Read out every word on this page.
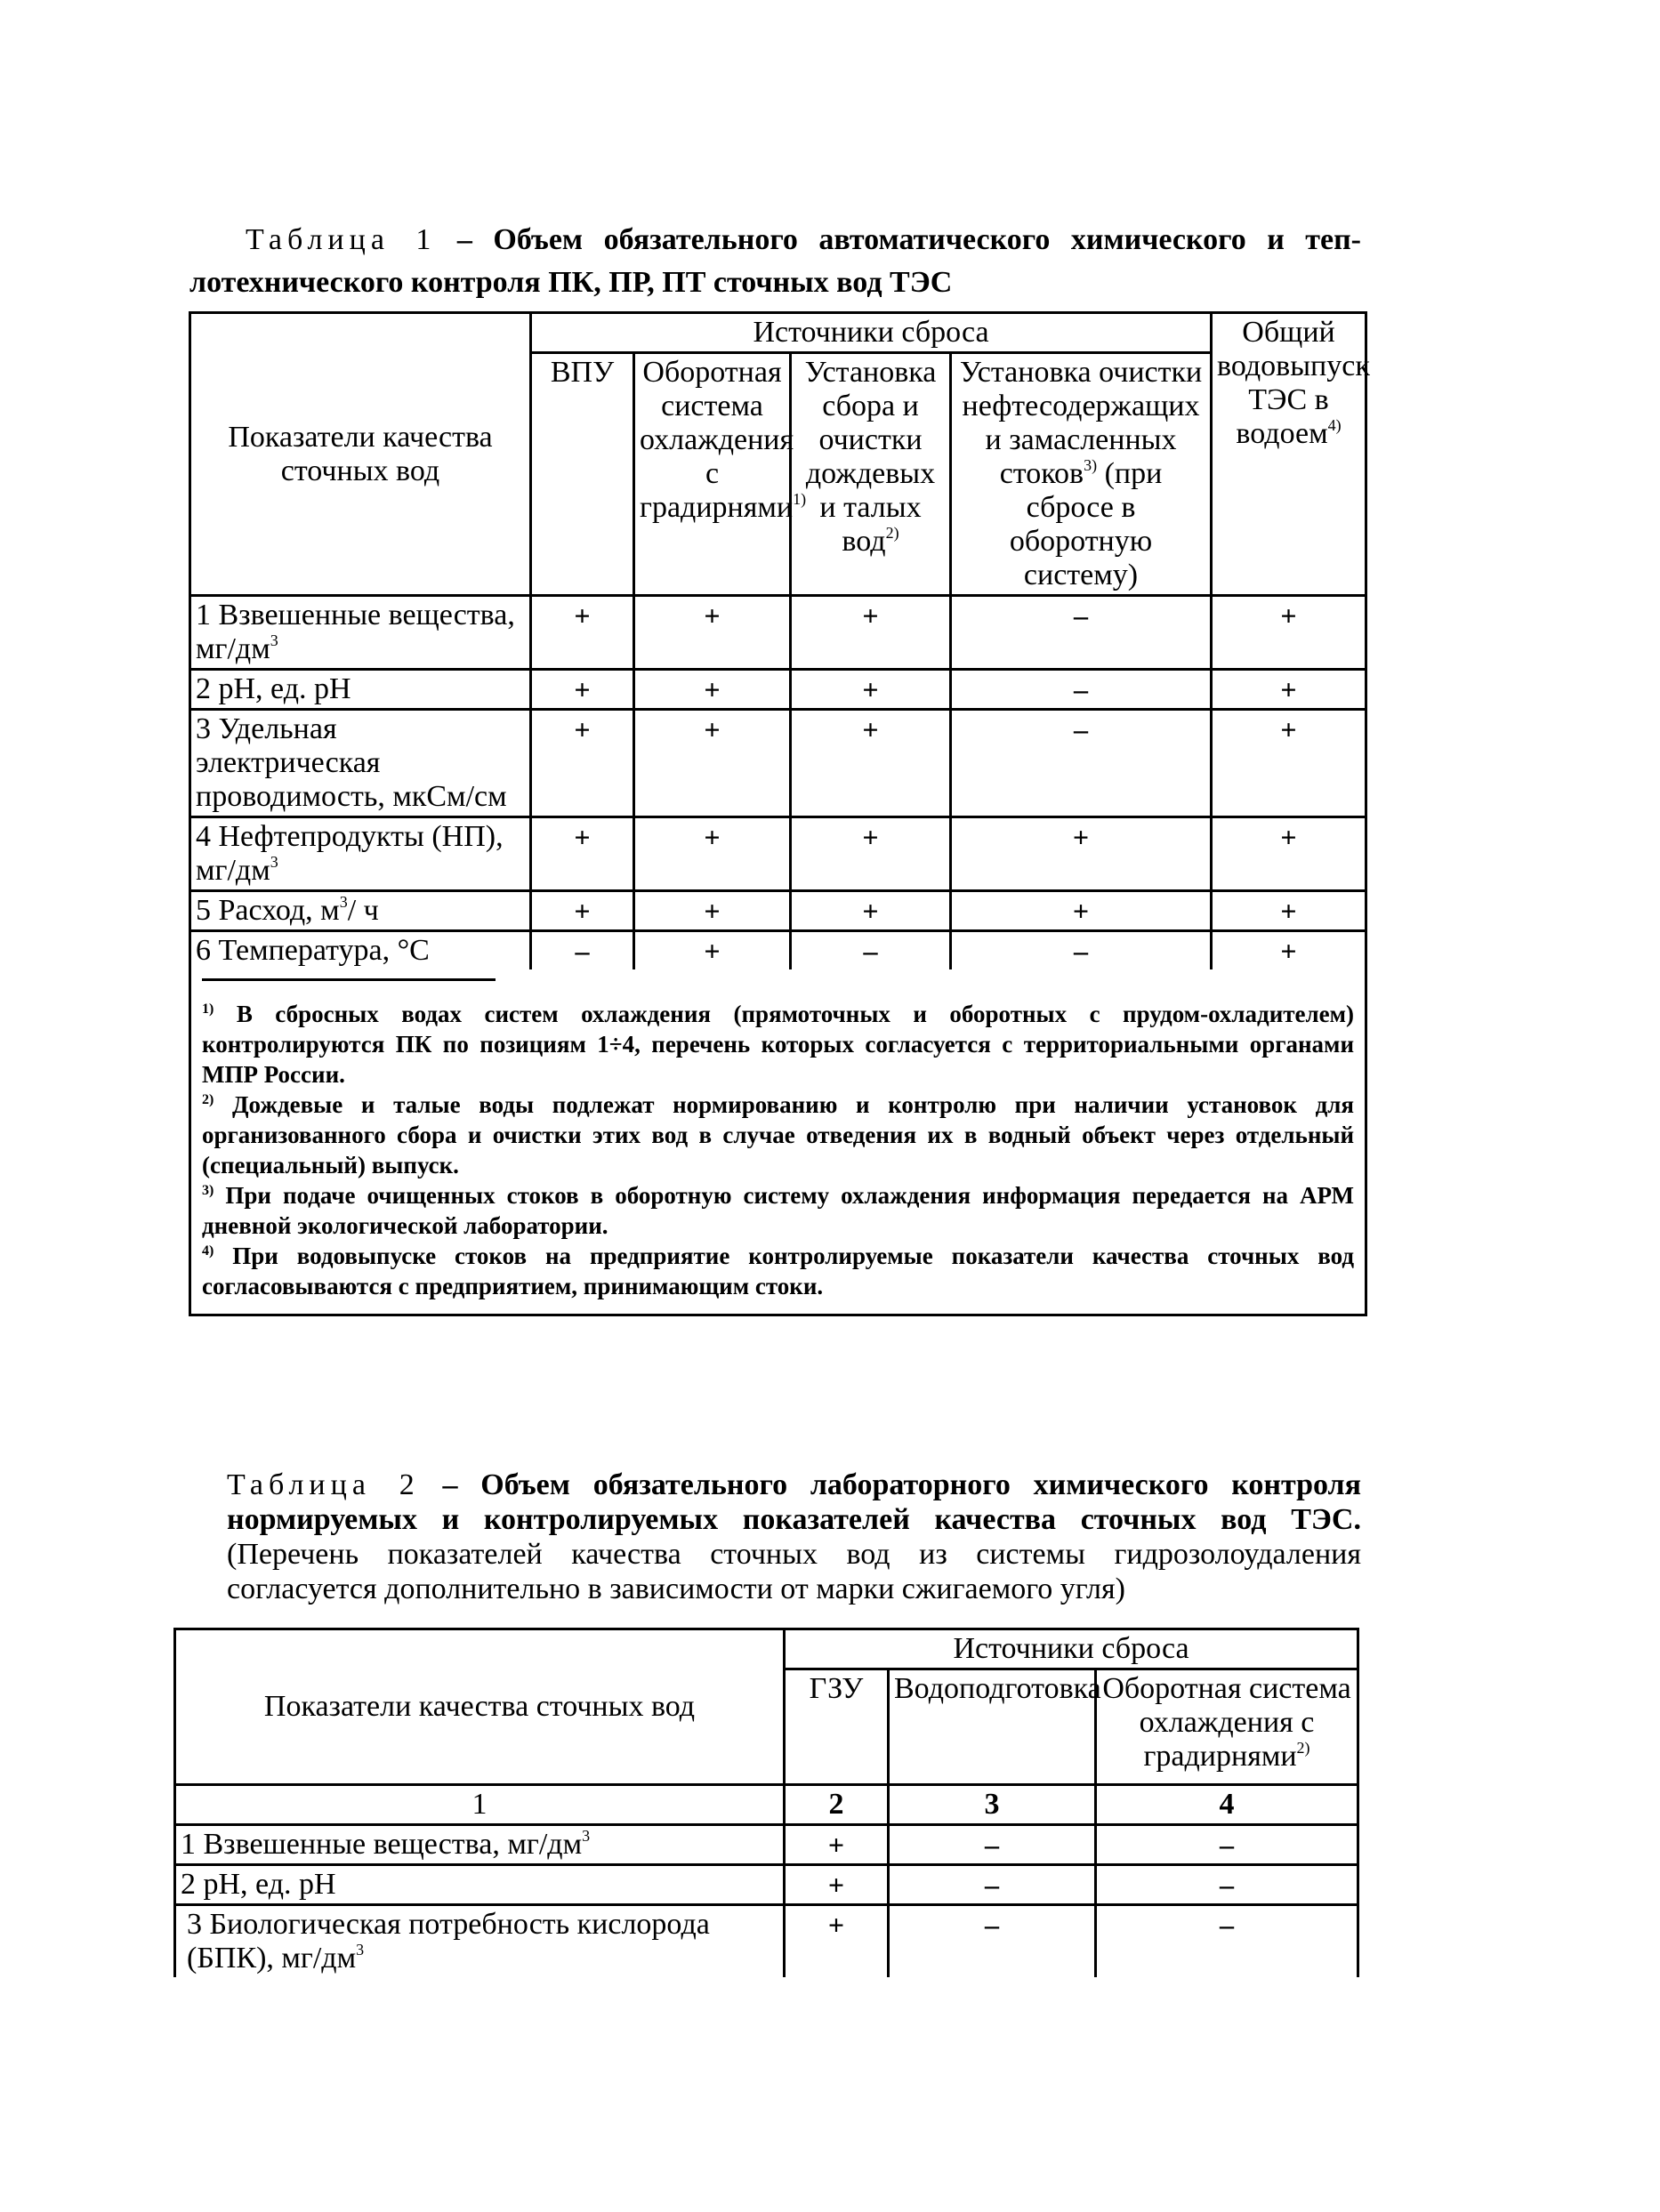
Таблица 1 – Объем обязательного автоматического химического и теп-

лотехнического контроля ПК, ПР, ПТ сточных вод ТЭС

Показатели качества сточных вод	Источники сброса				Общий водовыпуск ТЭС в водоем$^{4)}$
	ВПУ	Оборотная система охлаждения с градирнями$^{1)}$	Установка сбора и очистки дождевых и талых вод$^{2)}$	Установка очистки нефтесодержащих и замасленных стоков$^{3)}$ (при сбросе в оборотную систему)	
1 Взвешенные вещества, $мг/дм^3$	+	+	+	–	+
2 pH, ед. pH	+	+	+	–	+
3 Удельная электрическая проводимость, мкСм/см	+	+	+	–	+
4 Нефтепродукты (НП), $мг/дм^3$	+	+	+	+	+
5 Расход, $м^3/$ ч	+	+	+	+	+
6 Температура, °С	–	+	–	–	+

$^{1)}$ В сбросных водах систем охлаждения (прямоточных и оборотных с прудом-охладителем) контролируются ПК по позициям 1÷4, перечень которых согласуется с территориальными органами МПР России.

$^{2)}$ Дождевые и талые воды подлежат нормированию и контролю при наличии установок для организованного сбора и очистки этих вод в случае отведения их в водный объект через отдельный (специальный) выпуск.

$^{3)}$ При подаче очищенных стоков в оборотную систему охлаждения информация передается на АРМ дневной экологической лаборатории.

$^{4)}$ При водовыпуске стоков на предприятие контролируемые показатели качества сточных вод согласовываются с предприятием, принимающим стоки.					

Таблица 2 – Объем обязательного лабораторного химического контроля нормируемых и контролируемых показателей качества сточных вод ТЭС.
(Перечень показателей качества сточных вод из системы гидрозолоудаления согласуется дополнительно в зависимости от марки сжигаемого угля)

Показатели качества сточных вод	Источники сброса		
	ГЗУ	Водоподготовка	Оборотная система охлаждения с градирнями$^{2)}$
1	2	3	4
1 Взвешенные вещества, $мг/дм^3$	+	–	–
2 pH, ед. pH	+	–	–
3 Биологическая потребность кислорода (БПК), $мг/дм^3$	+	–	–
